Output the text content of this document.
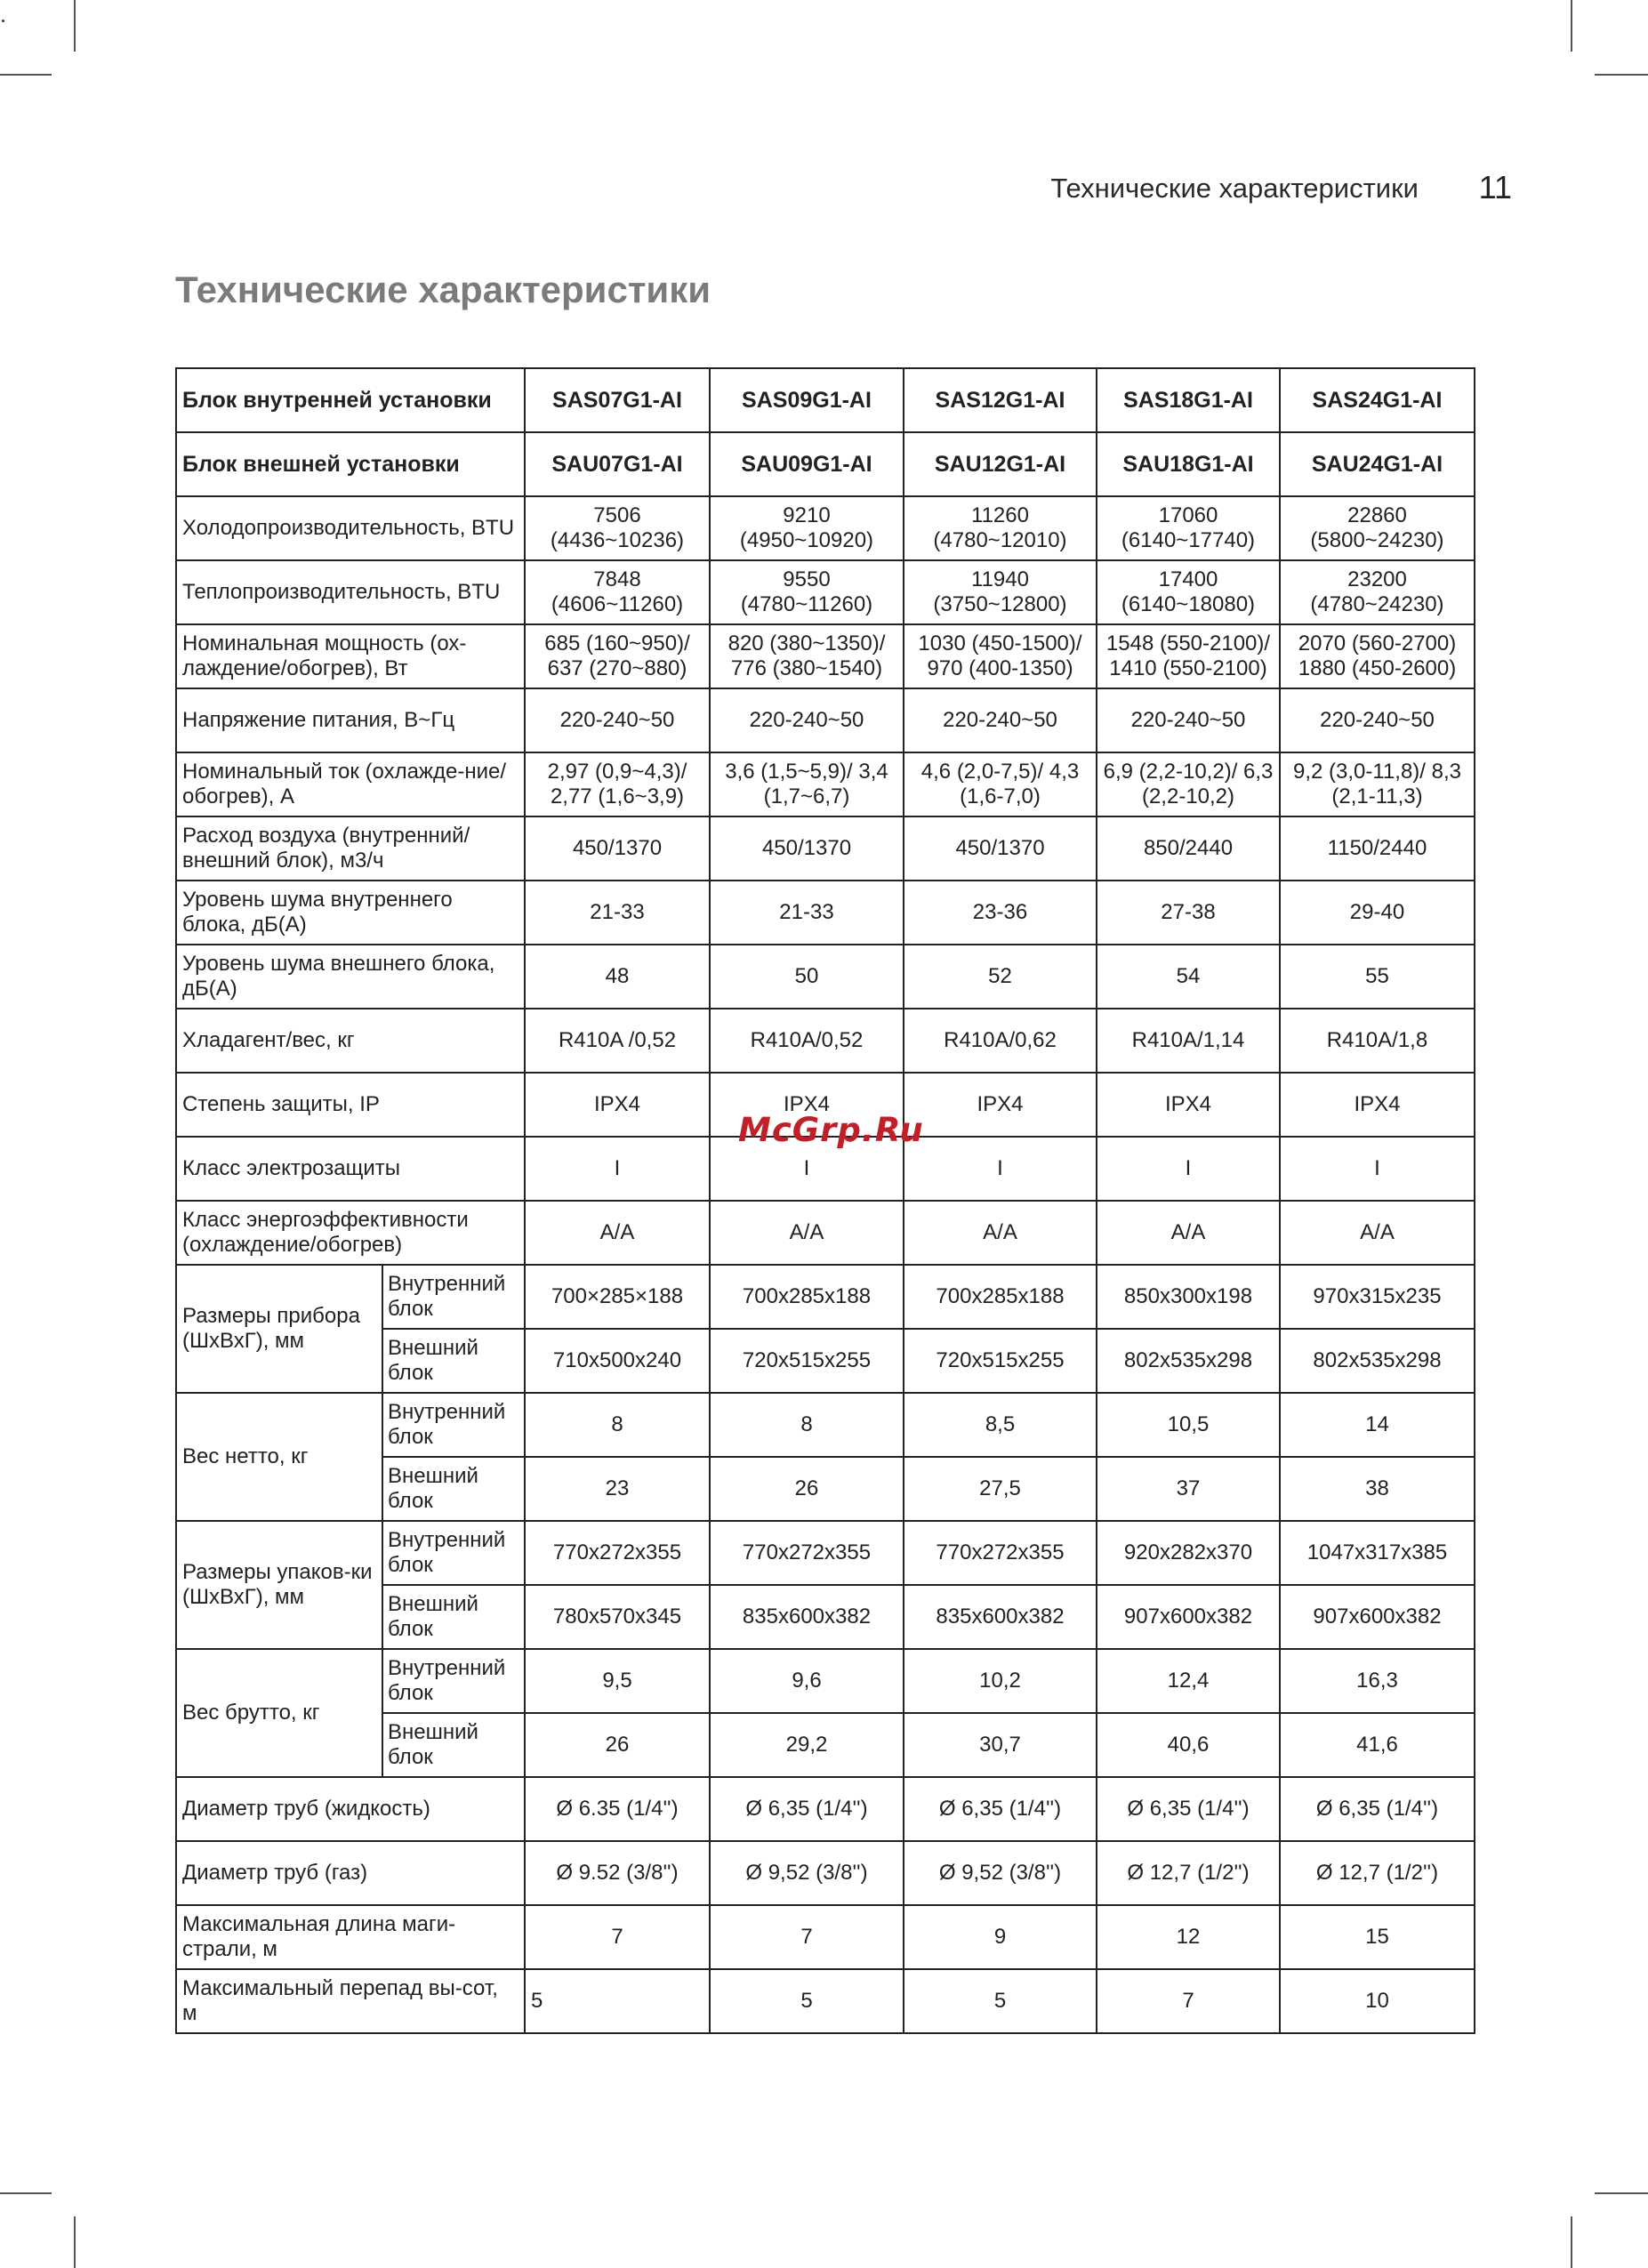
Технические характеристики 11
Технические характеристики
Блок внутренней установки		SAS07G1-AI	SAS09G1-AI	SAS12G1-AI	SAS18G1-AI	SAS24G1-AI
Блок внешней установки		SAU07G1-AI	SAU09G1-AI	SAU12G1-AI	SAU18G1-AI	SAU24G1-AI
Холодопроизводительность, BTU		7506 (4436~10236)	9210 (4950~10920)	11260 (4780~12010)	17060 (6140~17740)	22860 (5800~24230)
Теплопроизводительность, BTU		7848 (4606~11260)	9550 (4780~11260)	11940 (3750~12800)	17400 (6140~18080)	23200 (4780~24230)
Номинальная мощность (ох-лаждение/обогрев), Вт		685 (160~950)/ 637 (270~880)	820 (380~1350)/ 776 (380~1540)	1030 (450-1500)/ 970 (400-1350)	1548 (550-2100)/ 1410 (550-2100)	2070 (560-2700) 1880 (450-2600)
Напряжение питания, В~Гц		220-240~50	220-240~50	220-240~50	220-240~50	220-240~50
Номинальный ток (охлажде-ние/обогрев), А		2,97 (0,9~4,3)/ 2,77 (1,6~3,9)	3,6 (1,5~5,9)/ 3,4 (1,7~6,7)	4,6 (2,0-7,5)/ 4,3 (1,6-7,0)	6,9 (2,2-10,2)/ 6,3 (2,2-10,2)	9,2 (3,0-11,8)/ 8,3 (2,1-11,3)
Расход воздуха (внутренний/ внешний блок), м3/ч		450/1370	450/1370	450/1370	850/2440	1150/2440
Уровень шума внутреннего блока, дБ(А)		21-33	21-33	23-36	27-38	29-40
Уровень шума внешнего блока, дБ(А)		48	50	52	54	55
Хладагент/вес, кг		R410A /0,52	R410A/0,52	R410A/0,62	R410A/1,14	R410A/1,8
Степень защиты, IP		IPX4	IPX4	IPX4	IPX4	IPX4
Класс электрозащиты		I	I	I	I	I
Класс энергоэффективности (охлаждение/обогрев)		A/A	A/A	A/A	A/A	A/A
Размеры прибора (ШхВхГ), мм	Внутренний блок	700×285×188	700x285x188	700x285x188	850x300x198	970x315x235
	Внешний блок	710x500x240	720x515x255	720x515x255	802x535x298	802x535x298
Вес нетто, кг	Внутренний блок	8	8	8,5	10,5	14
	Внешний блок	23	26	27,5	37	38
Размеры упаков-ки (ШхВхГ), мм	Внутренний блок	770x272x355	770x272x355	770x272x355	920x282x370	1047x317x385
	Внешний блок	780x570x345	835x600x382	835x600x382	907x600x382	907x600x382
Вес брутто, кг	Внутренний блок	9,5	9,6	10,2	12,4	16,3
	Внешний блок	26	29,2	30,7	40,6	41,6
Диаметр труб (жидкость)		Ø 6.35 (1/4'')	Ø 6,35 (1/4'')	Ø 6,35 (1/4'')	Ø 6,35 (1/4'')	Ø 6,35 (1/4'')
Диаметр труб (газ)		Ø 9.52 (3/8'')	Ø 9,52 (3/8'')	Ø 9,52 (3/8'')	Ø 12,7 (1/2'')	Ø 12,7 (1/2'')
Максимальная длина маги-страли, м		7	7	9	12	15
Максимальный перепад вы-сот, м		5	5	5	7	10
McGrp.Ru
